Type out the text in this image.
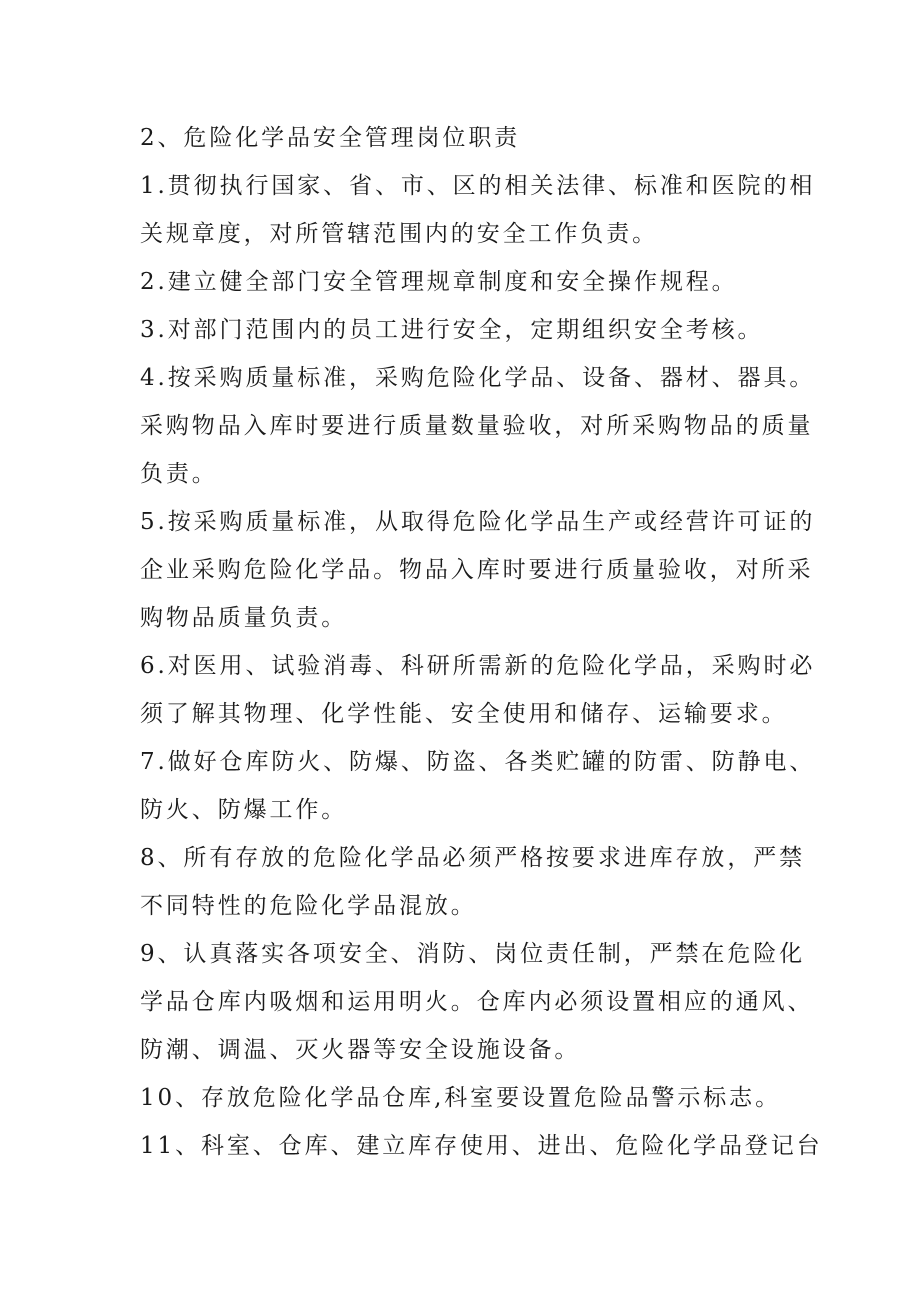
2、危险化学品安全管理岗位职责
1.贯彻执行国家、省、市、区的相关法律、标准和医院的相
关规章度，对所管辖范围内的安全工作负责。
2.建立健全部门安全管理规章制度和安全操作规程。
3.对部门范围内的员工进行安全，定期组织安全考核。
4.按采购质量标准，采购危险化学品、设备、器材、器具。
采购物品入库时要进行质量数量验收，对所采购物品的质量
负责。
5.按采购质量标准，从取得危险化学品生产或经营许可证的
企业采购危险化学品。物品入库时要进行质量验收，对所采
购物品质量负责。
6.对医用、试验消毒、科研所需新的危险化学品，采购时必
须了解其物理、化学性能、安全使用和储存、运输要求。
7.做好仓库防火、防爆、防盗、各类贮罐的防雷、防静电、
防火、防爆工作。
8、所有存放的危险化学品必须严格按要求进库存放，严禁
不同特性的危险化学品混放。
9、认真落实各项安全、消防、岗位责任制，严禁在危险化
学品仓库内吸烟和运用明火。仓库内必须设置相应的通风、
防潮、调温、灭火器等安全设施设备。
10、存放危险化学品仓库,科室要设置危险品警示标志。
11、科室、仓库、建立库存使用、进出、危险化学品登记台
